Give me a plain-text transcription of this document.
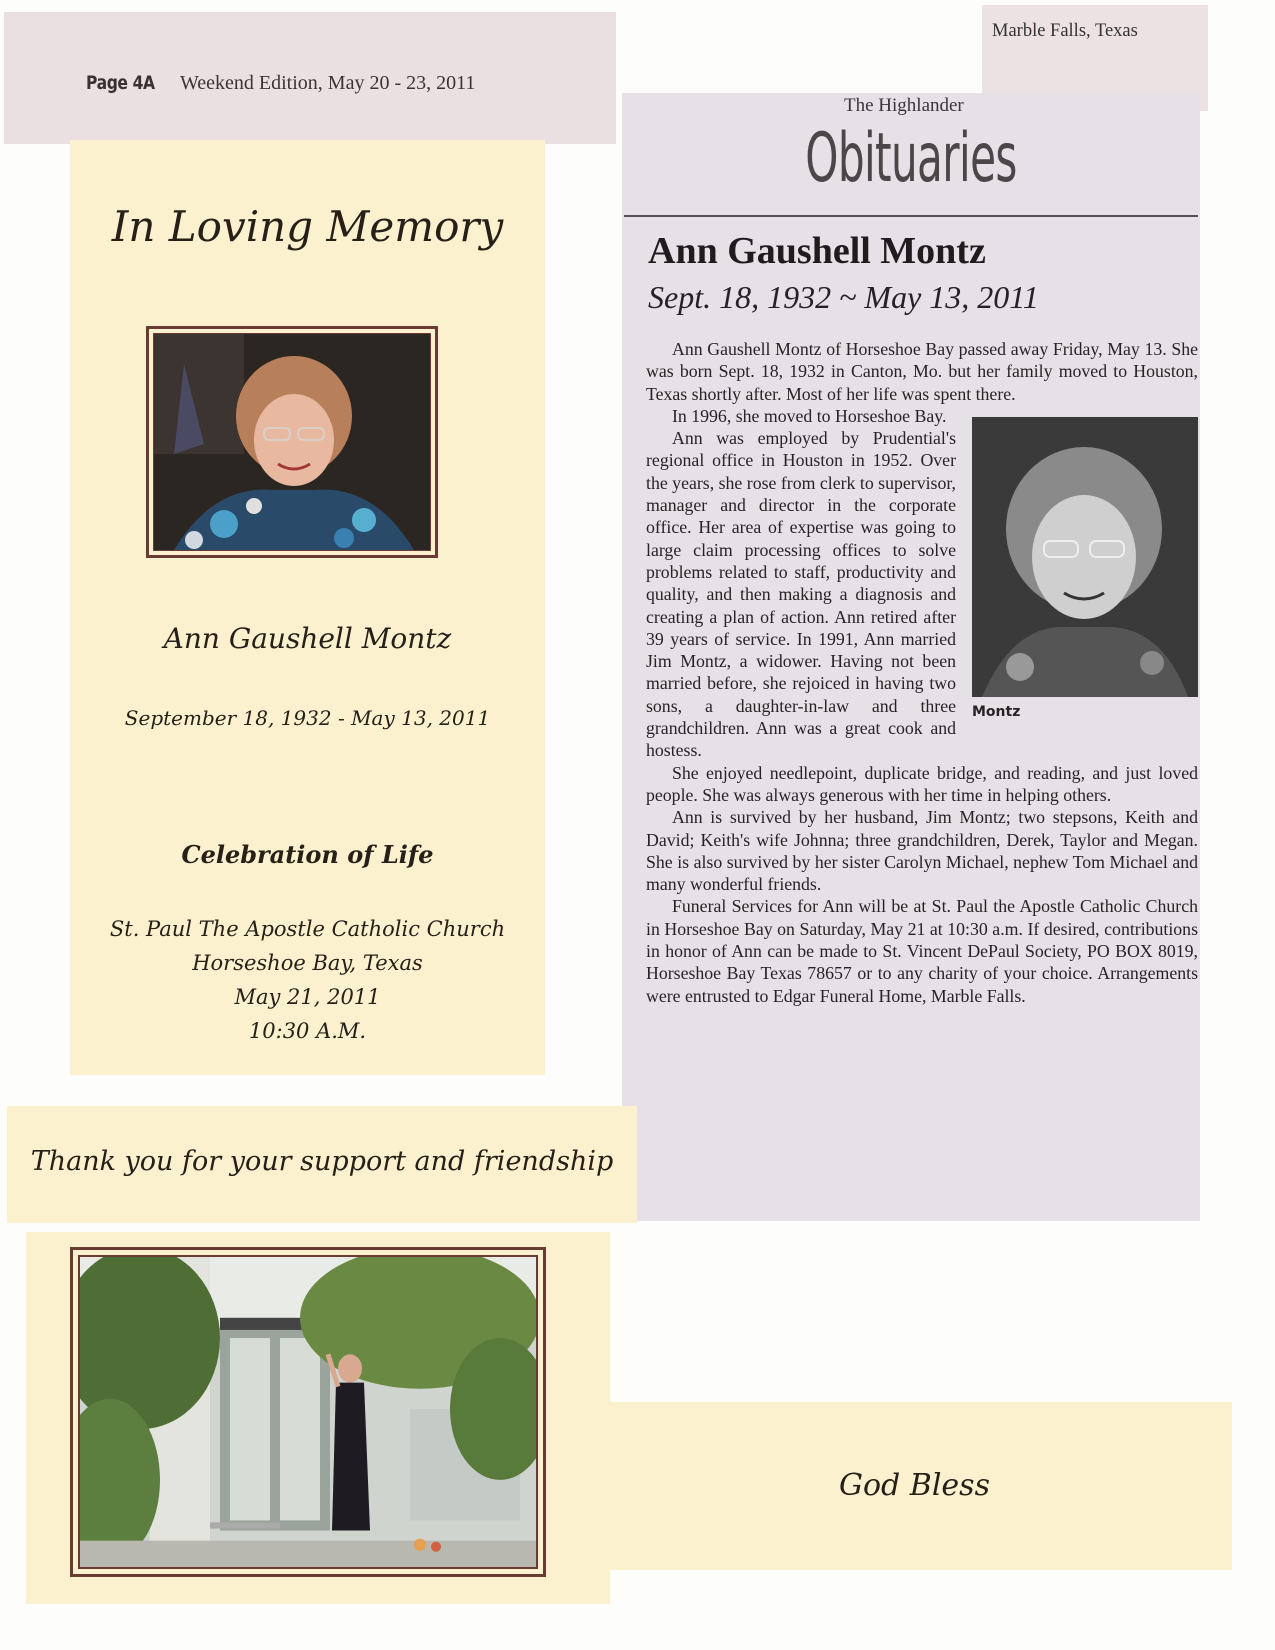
Page 4A Weekend Edition, May 20 - 23, 2011
Marble Falls, Texas
In Loving Memory
Ann Gaushell Montz
September 18, 1932 - May 13, 2011
Celebration of Life
St. Paul The Apostle Catholic Church
Horseshoe Bay, Texas
May 21, 2011
10:30 A.M.
The Highlander
Obituaries
Ann Gaushell Montz
Sept. 18, 1932 ~ May 13, 2011

Ann Gaushell Montz of Horseshoe Bay passed away Friday, May 13. She was born Sept. 18, 1932 in Canton, Mo. but her family moved to Houston, Texas shortly after. Most of her life was spent there.

Montz

In 1996, she moved to Horseshoe Bay.

Ann was employed by Prudential's regional office in Houston in 1952. Over the years, she rose from clerk to supervisor, manager and director in the corporate office. Her area of expertise was going to large claim processing offices to solve problems related to staff, productivity and quality, and then making a diagnosis and creating a plan of action. Ann retired after 39 years of service. In 1991, Ann married Jim Montz, a widower. Having not been married before, she rejoiced in having two sons, a daughter-in-law and three grandchildren. Ann was a great cook and hostess.

She enjoyed needlepoint, duplicate bridge, and reading, and just loved people. She was always generous with her time in helping others.

Ann is survived by her husband, Jim Montz; two stepsons, Keith and David; Keith's wife Johnna; three grandchildren, Derek, Taylor and Megan. She is also survived by her sister Carolyn Michael, nephew Tom Michael and many wonderful friends.

Funeral Services for Ann will be at St. Paul the Apostle Catholic Church in Horseshoe Bay on Saturday, May 21 at 10:30 a.m. If desired, contributions in honor of Ann can be made to St. Vincent DePaul Society, PO BOX 8019, Horseshoe Bay Texas 78657 or to any charity of your choice. Arrangements were entrusted to Edgar Funeral Home, Marble Falls.

Thank you for your support and friendship
God Bless
